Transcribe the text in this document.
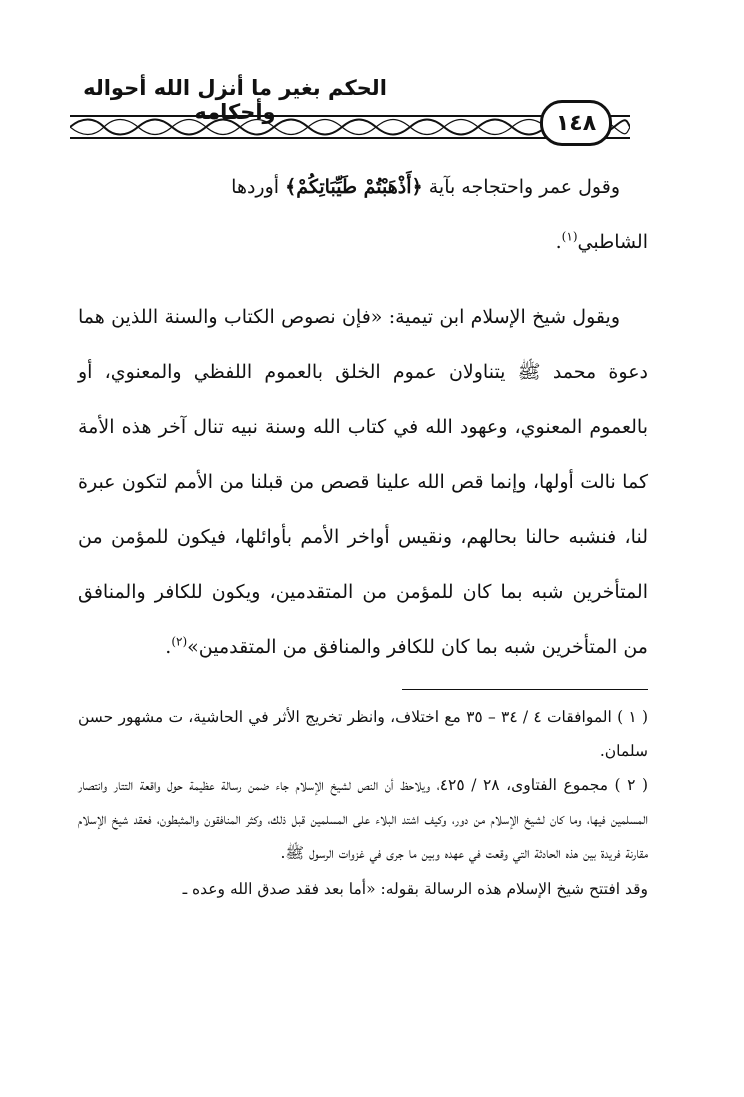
الحكم بغير ما أنزل الله أحواله وأحكامه	١٤٨

وقول عمر واحتجاجه بآية ﴿أَذْهَبْتُمْ طَيِّبَاتِكُمْ﴾ أوردها
الشاطبي$^{(١)}$.

ويقول شيخ الإسلام ابن تيمية: «فإن نصوص الكتاب والسنة اللذين هما دعوة محمد ﷺ يتناولان عموم الخلق بالعموم اللفظي والمعنوي، أو بالعموم المعنوي، وعهود الله في كتاب الله وسنة نبيه تنال آخر هذه الأمة كما نالت أولها، وإنما قص الله علينا قصص من قبلنا من الأمم لتكون عبرة لنا، فنشبه حالنا بحالهم، ونقيس أواخر الأمم بأوائلها، فيكون للمؤمن من المتأخرين شبه بما كان للمؤمن من المتقدمين، ويكون للكافر والمنافق من المتأخرين شبه بما كان للكافر والمنافق من المتقدمين»$^{(٢)}$.

( ١ ) الموافقات ٤ / ٣٤ – ٣٥ مع اختلاف، وانظر تخريج الأثر في الحاشية، ت مشهور حسن سلمان.

( ٢ ) مجموع الفتاوى، ٢٨ / ٤٢٥، ويلاحظ أن النص لشيخ الإسلام جاء ضمن رسالة عظيمة حول واقعة التتار وانتصار المسلمين فيها، وما كان لشيخ الإسلام من دور، وكيف اشتد البلاء على المسلمين قبل ذلك، وكثر المنافقون والمثبطون، فعقد شيخ الإسلام مقارنة فريدة بين هذه الحادثة التي وقعت في عهده وبين ما جرى في غزوات الرسول ﷺ.

وقد افتتح شيخ الإسلام هذه الرسالة بقوله: «أما بعد فقد صدق الله وعده ـ
